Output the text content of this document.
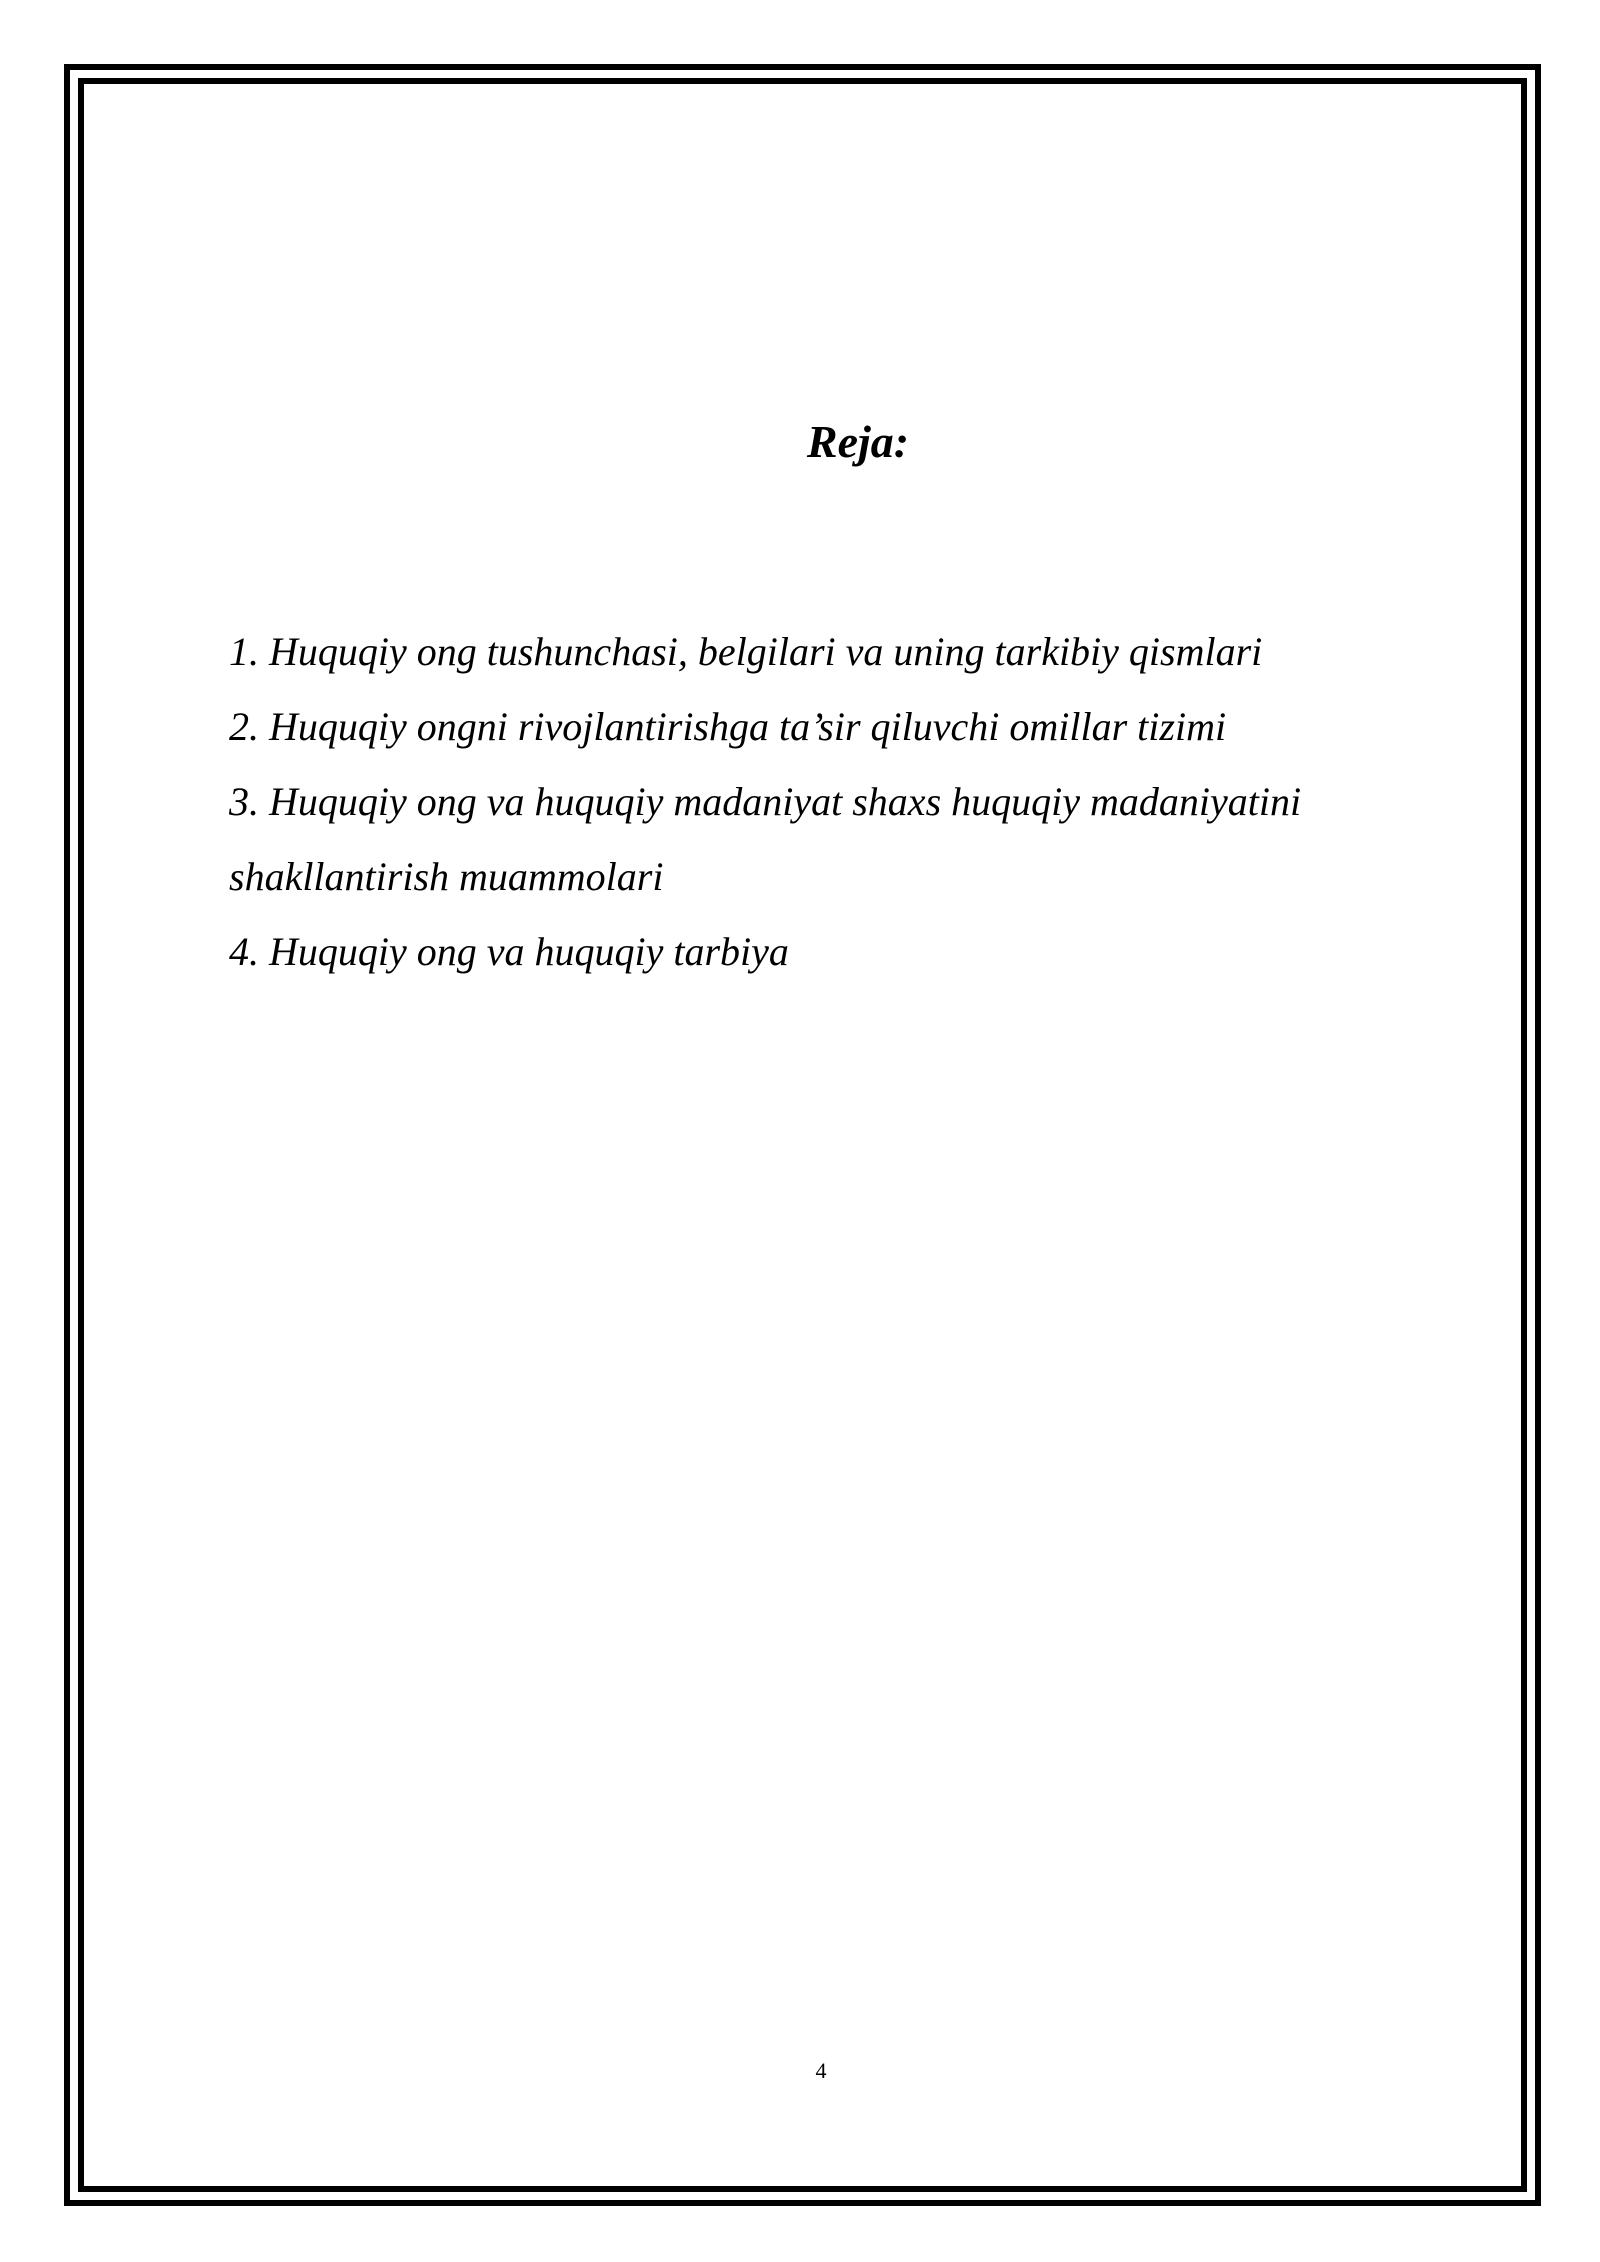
Reja:
1. Huquqiy ong tushunchasi, belgilari va uning tarkibiy qismlari
2. Huquqiy ongni rivojlantirishga ta’sir qiluvchi omillar tizimi
3. Huquqiy ong va huquqiy madaniyat shaxs huquqiy madaniyatini
shakllantirish muammolari
4. Huquqiy ong va huquqiy tarbiya
4
